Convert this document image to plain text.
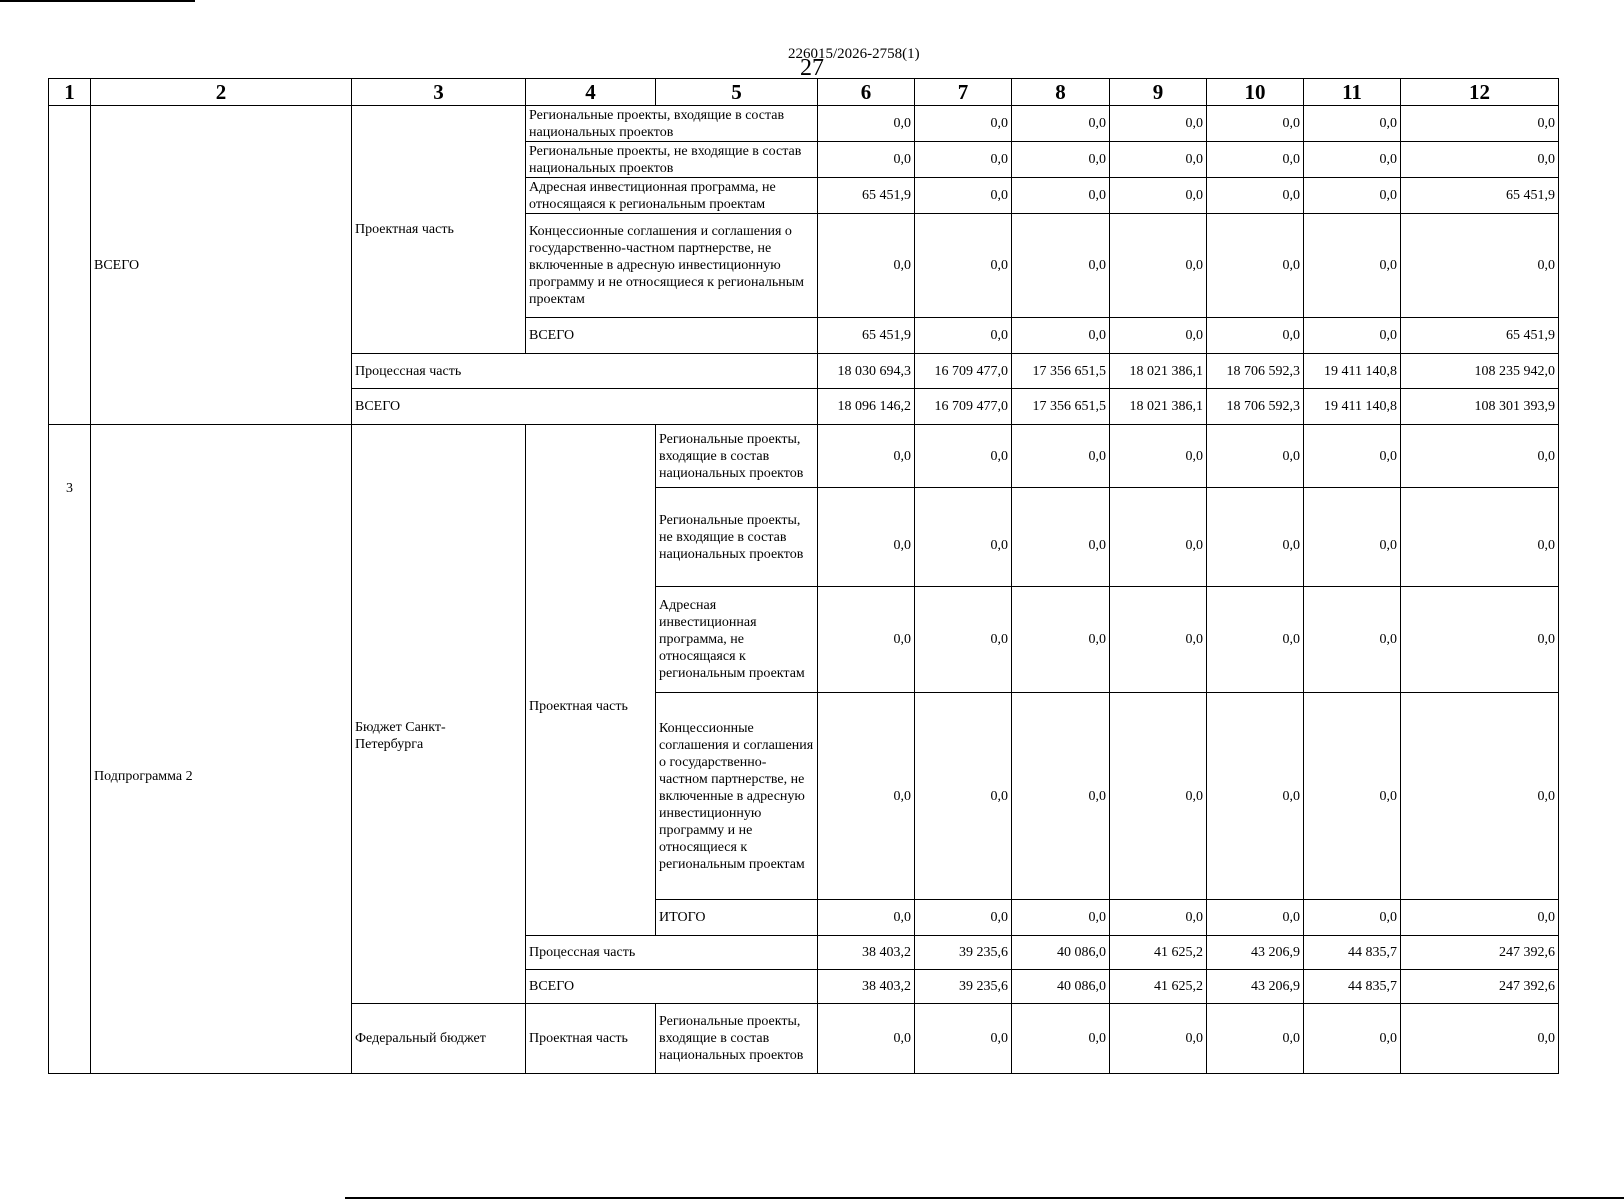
226015/2026-2758(1)
27
1	2	3	4	5	6	7	8	9	10	11	12
	ВСЕГО	Проектная часть	Региональные проекты, входящие в состав национальных проектов		0,0	0,0	0,0	0,0	0,0	0,0	0,0
			Региональные проекты, не входящие в состав национальных проектов		0,0	0,0	0,0	0,0	0,0	0,0	0,0
			Адресная инвестиционная программа, не относящаяся к региональным проектам		65 451,9	0,0	0,0	0,0	0,0	0,0	65 451,9
			Концессионные соглашения и соглашения о государственно-частном партнерстве, не включенные в адресную инвестиционную программу и не относящиеся к региональным проектам		0,0	0,0	0,0	0,0	0,0	0,0	0,0
			ВСЕГО		65 451,9	0,0	0,0	0,0	0,0	0,0	65 451,9
		Процессная часть			18 030 694,3	16 709 477,0	17 356 651,5	18 021 386,1	18 706 592,3	19 411 140,8	108 235 942,0
		ВСЕГО			18 096 146,2	16 709 477,0	17 356 651,5	18 021 386,1	18 706 592,3	19 411 140,8	108 301 393,9
3	Подпрограмма 2	Бюджет Санкт-Петербурга	Проектная часть	Региональные проекты, входящие в состав национальных проектов	0,0	0,0	0,0	0,0	0,0	0,0	0,0
				Региональные проекты, не входящие в состав национальных проектов	0,0	0,0	0,0	0,0	0,0	0,0	0,0
				Адресная инвестиционная программа, не относящаяся к региональным проектам	0,0	0,0	0,0	0,0	0,0	0,0	0,0
				Концессионные соглашения и соглашения о государственно-частном партнерстве, не включенные в адресную инвестиционную программу и не относящиеся к региональным проектам	0,0	0,0	0,0	0,0	0,0	0,0	0,0
				ИТОГО	0,0	0,0	0,0	0,0	0,0	0,0	0,0

			Процессная часть		38 403,2	39 235,6	40 086,0	41 625,2	43 206,9	44 835,7	247 392,6
			ВСЕГО		38 403,2	39 235,6	40 086,0	41 625,2	43 206,9	44 835,7	247 392,6
		Федеральный бюджет	Проектная часть	Региональные проекты, входящие в состав национальных проектов	0,0	0,0	0,0	0,0	0,0	0,0	0,0
